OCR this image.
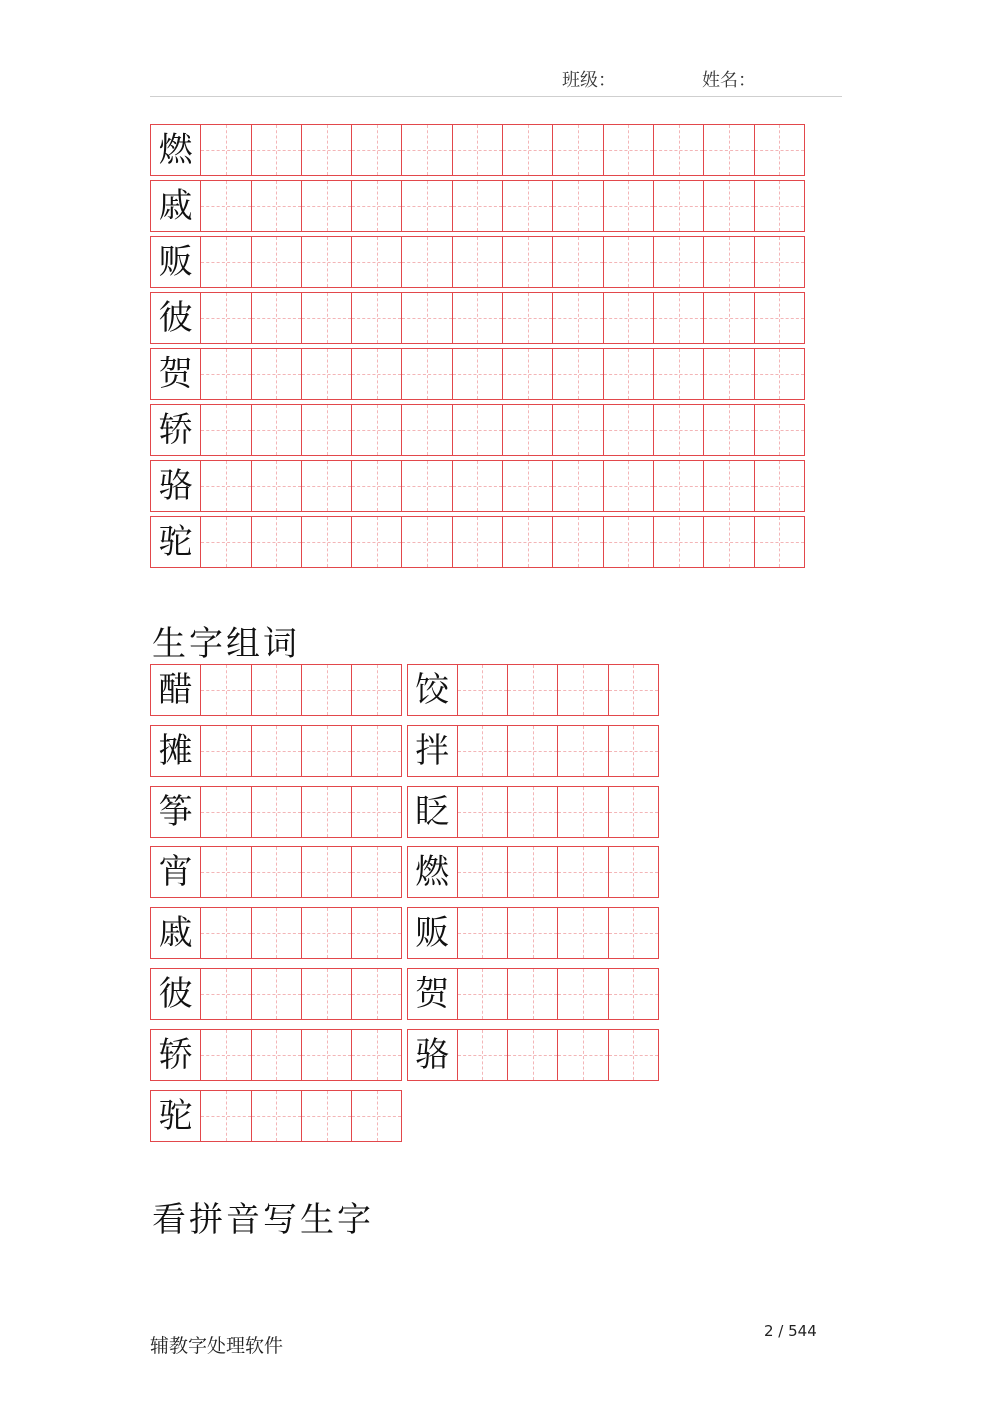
班级：	姓名：
燃
戚
贩
彼
贺
轿
骆
驼
生字组词
醋	饺
摊	拌
筝	眨
宵	燃
戚	贩
彼	贺
轿	骆
驼
看拼音写生字
辅教字处理软件
2 / 544
